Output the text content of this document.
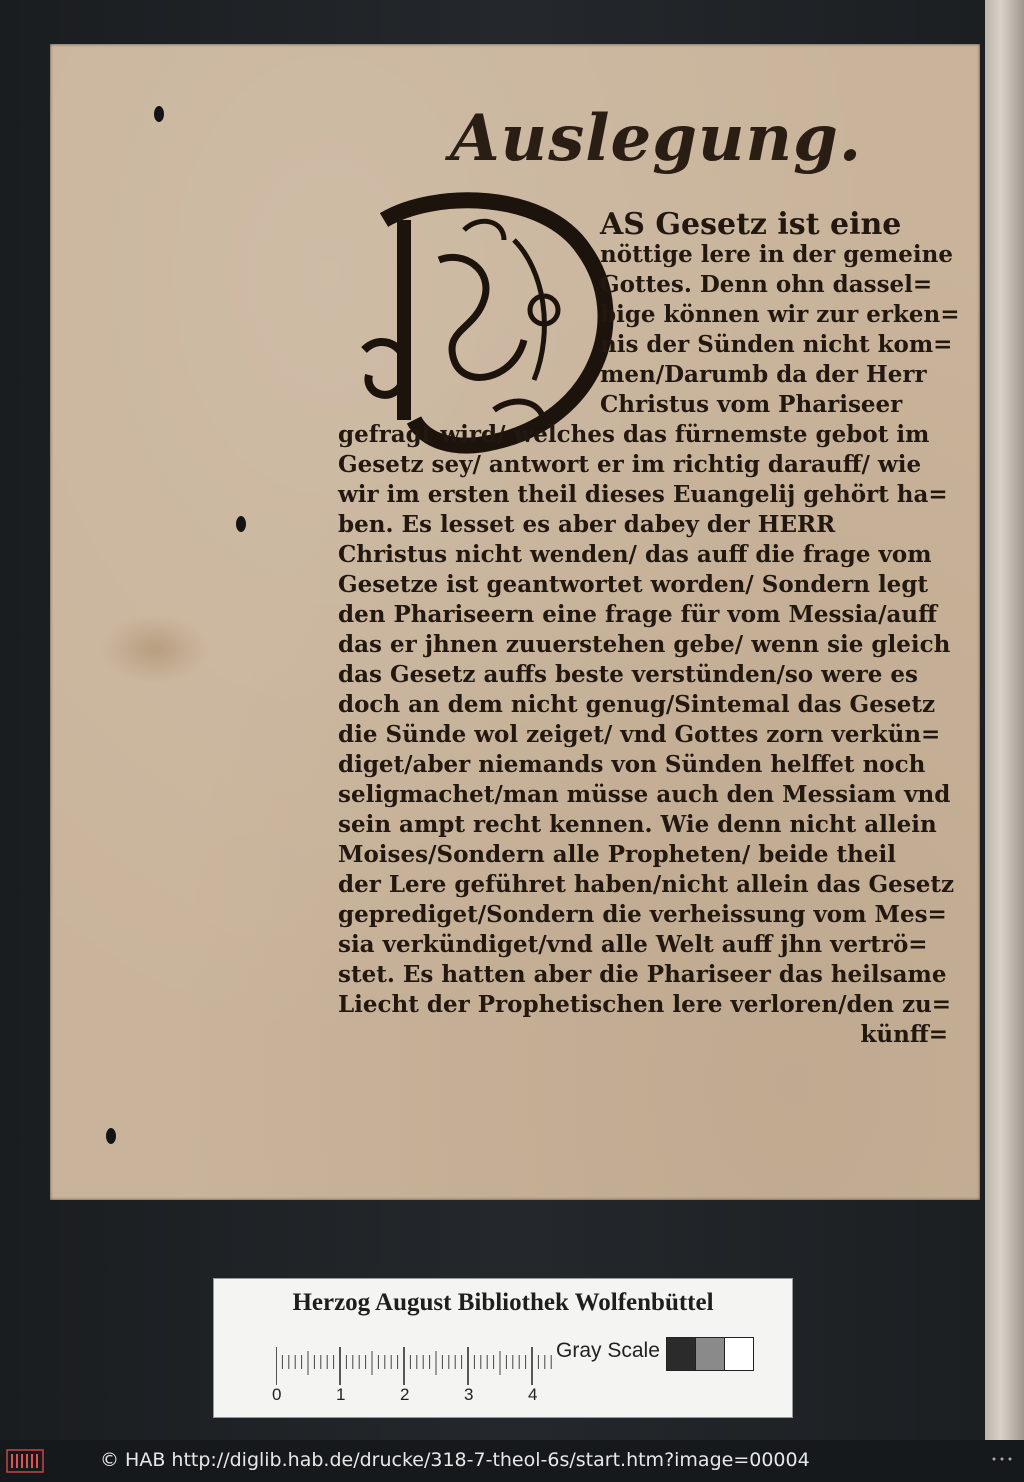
Auslegung.
AS Gesetz ist eine
nöttige lere in der gemeine
Gottes. Denn ohn dassel=
bige können wir zur erken=
nis der Sünden nicht kom=
men/Darumb da der Herr
Christus vom Phariseer
gefragt wird/ welches das fürnemste gebot im
Gesetz sey/ antwort er im richtig darauff/ wie
wir im ersten theil dieses Euangelij gehört ha=
ben. Es lesset es aber dabey der HERR
Christus nicht wenden/ das auff die frage vom
Gesetze ist geantwortet worden/ Sondern legt
den Phariseern eine frage für vom Messia/auff
das er jhnen zuuerstehen gebe/ wenn sie gleich
das Gesetz auffs beste verstünden/so were es
doch an dem nicht genug/Sintemal das Gesetz
die Sünde wol zeiget/ vnd Gottes zorn verkün=
diget/aber niemands von Sünden helffet noch
seligmachet/man müsse auch den Messiam vnd
sein ampt recht kennen. Wie denn nicht allein
Moises/Sondern alle Propheten/ beide theil
der Lere geführet haben/nicht allein das Gesetz
geprediget/Sondern die verheissung vom Mes=
sia verkündiget/vnd alle Welt auff jhn vertrö=
stet. Es hatten aber die Phariseer das heilsame
Liecht der Prophetischen lere verloren/den zu=
künff=
Herzog August Bibliothek Wolfenbüttel
0	1	2	3	4
Gray Scale
© HAB http://diglib.hab.de/drucke/318-7-theol-6s/start.htm?image=00004
